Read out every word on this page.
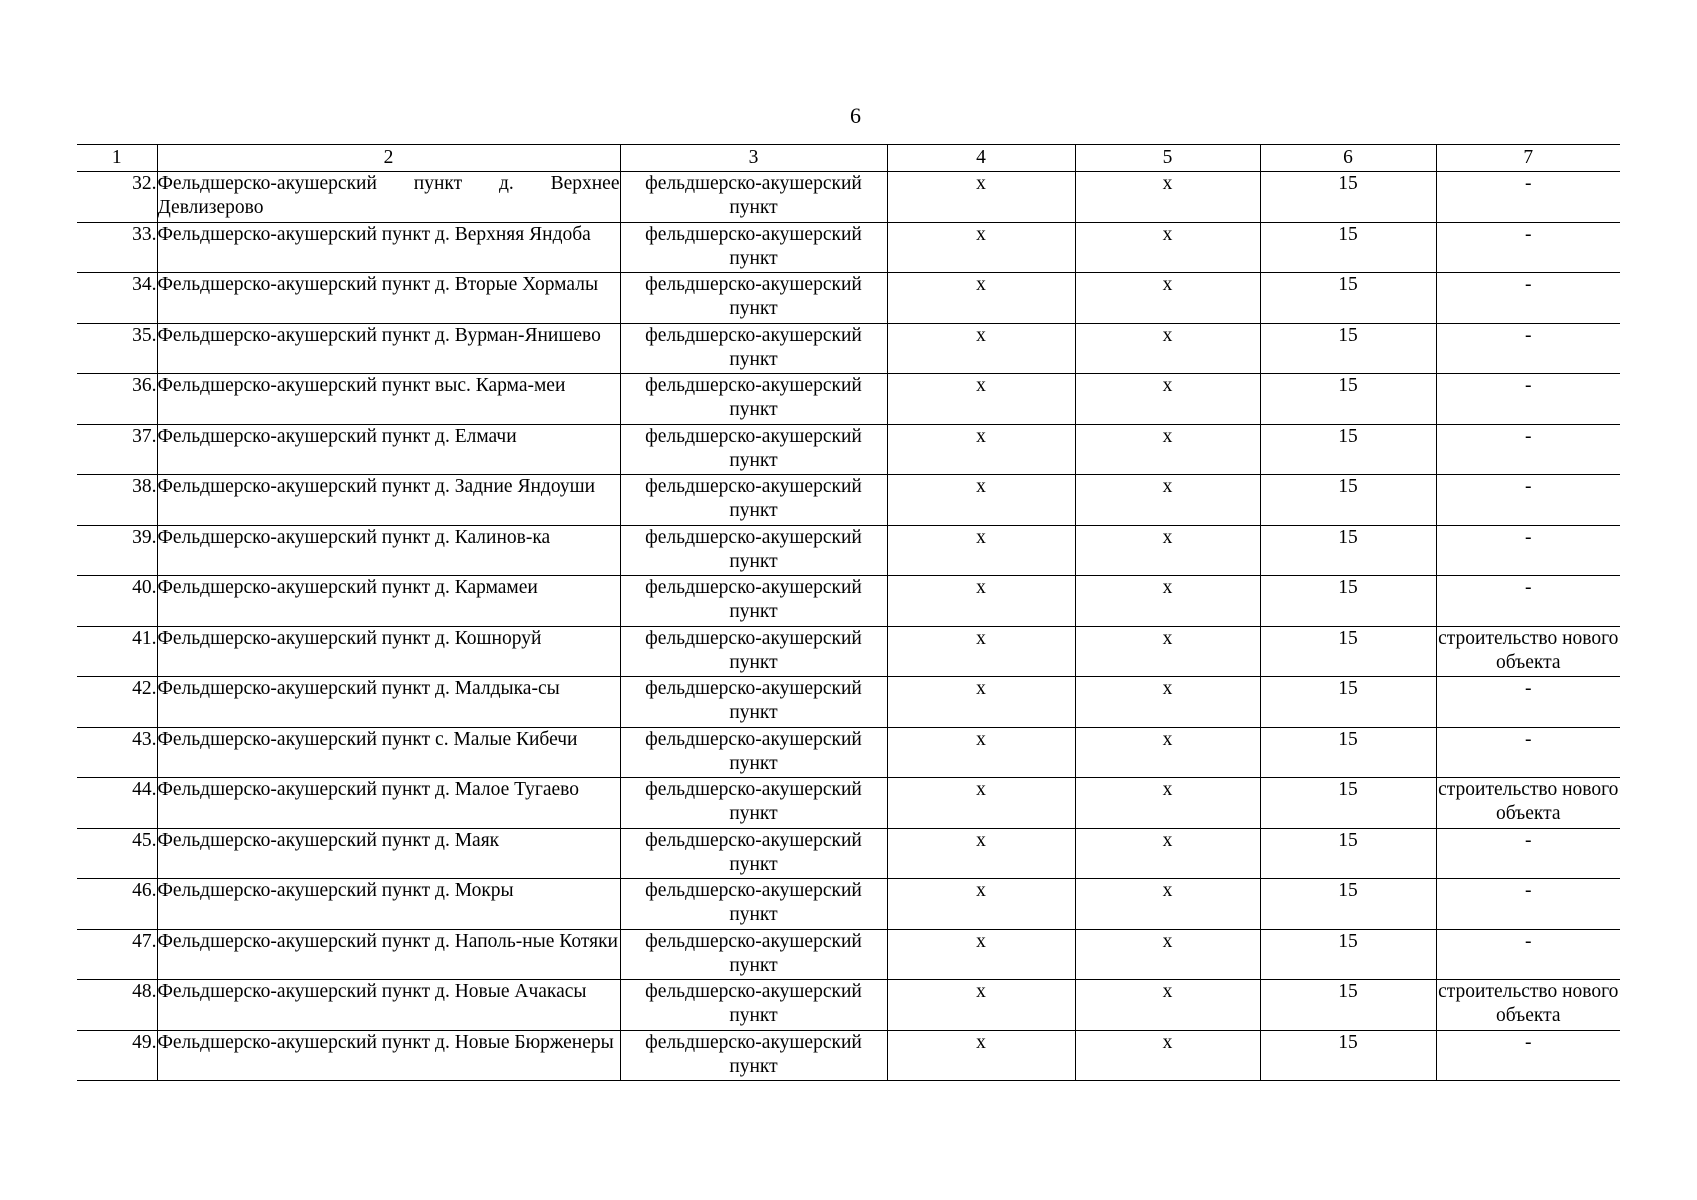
6
1	2	3	4	5	6	7
32.	Фельдшерско-акушерский пункт д. Верхнее Девлизерово	фельдшерско-акушерский пункт	x	x	15	-
33.	Фельдшерско-акушерский пункт д. Верхняя Яндоба	фельдшерско-акушерский пункт	x	x	15	-
34.	Фельдшерско-акушерский пункт д. Вторые Хормалы	фельдшерско-акушерский пункт	x	x	15	-
35.	Фельдшерско-акушерский пункт д. Вурман-Янишево	фельдшерско-акушерский пункт	x	x	15	-
36.	Фельдшерско-акушерский пункт выс. Карма-меи	фельдшерско-акушерский пункт	x	x	15	-
37.	Фельдшерско-акушерский пункт д. Елмачи	фельдшерско-акушерский пункт	x	x	15	-
38.	Фельдшерско-акушерский пункт д. Задние Яндоуши	фельдшерско-акушерский пункт	x	x	15	-
39.	Фельдшерско-акушерский пункт д. Калинов-ка	фельдшерско-акушерский пункт	x	x	15	-
40.	Фельдшерско-акушерский пункт д. Кармамеи	фельдшерско-акушерский пункт	x	x	15	-
41.	Фельдшерско-акушерский пункт д. Кошноруй	фельдшерско-акушерский пункт	x	x	15	строительство нового объекта
42.	Фельдшерско-акушерский пункт д. Малдыка-сы	фельдшерско-акушерский пункт	x	x	15	-
43.	Фельдшерско-акушерский пункт с. Малые Кибечи	фельдшерско-акушерский пункт	x	x	15	-
44.	Фельдшерско-акушерский пункт д. Малое Тугаево	фельдшерско-акушерский пункт	x	x	15	строительство нового объекта
45.	Фельдшерско-акушерский пункт д. Маяк	фельдшерско-акушерский пункт	x	x	15	-
46.	Фельдшерско-акушерский пункт д. Мокры	фельдшерско-акушерский пункт	x	x	15	-
47.	Фельдшерско-акушерский пункт д. Наполь-ные Котяки	фельдшерско-акушерский пункт	x	x	15	-
48.	Фельдшерско-акушерский пункт д. Новые Ачакасы	фельдшерско-акушерский пункт	x	x	15	строительство нового объекта
49.	Фельдшерско-акушерский пункт д. Новые Бюрженеры	фельдшерско-акушерский пункт	x	x	15	-
